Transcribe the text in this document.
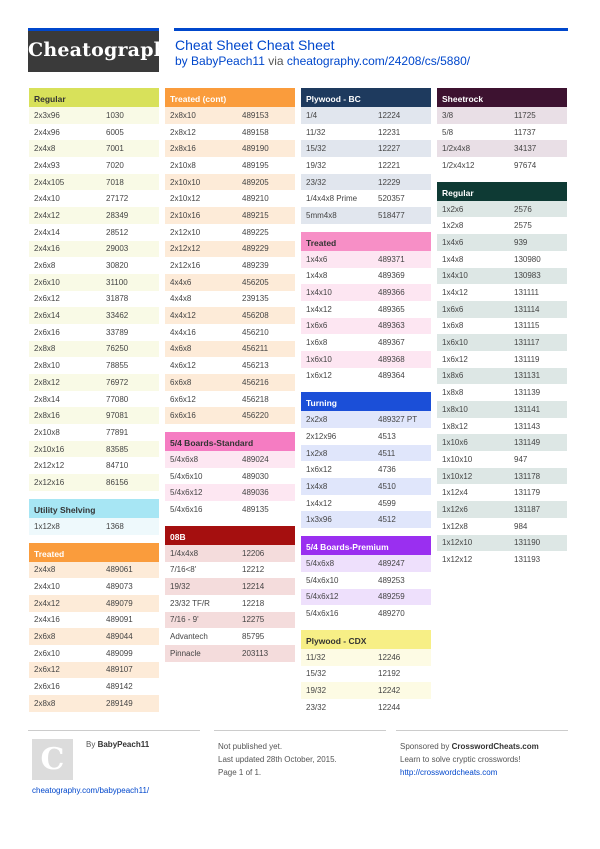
Cheatography
Cheat Sheet Cheat Sheet
by BabyPeach11 via cheatography.com/24208/cs/5880/
Regular
2x3x96	1030
2x4x96	6005
2x4x8	7001
2x4x93	7020
2x4x105	7018
2x4x10	27172
2x4x12	28349
2x4x14	28512
2x4x16	29003
2x6x8	30820
2x6x10	31100
2x6x12	31878
2x6x14	33462
2x6x16	33789
2x8x8	76250
2x8x10	78855
2x8x12	76972
2x8x14	77080
2x8x16	97081
2x10x8	77891
2x10x16	83585
2x12x12	84710
2x12x16	86156
Utility Shelving
1x12x8	1368
Treated
2x4x8	489061
2x4x10	489073
2x4x12	489079
2x4x16	489091
2x6x8	489044
2x6x10	489099
2x6x12	489107
2x6x16	489142
2x8x8	289149
Treated (cont)
2x8x10	489153
2x8x12	489158
2x8x16	489190
2x10x8	489195
2x10x10	489205
2x10x12	489210
2x10x16	489215
2x12x10	489225
2x12x12	489229
2x12x16	489239
4x4x6	456205
4x4x8	239135
4x4x12	456208
4x4x16	456210
4x6x8	456211
4x6x12	456213
6x6x8	456216
6x6x12	456218
6x6x16	456220
5/4 Boards-Standard
5/4x6x8	489024
5/4x6x10	489030
5/4x6x12	489036
5/4x6x16	489135
08B
1/4x4x8	12206
7/16<8'	12212
19/32	12214
23/32 TF/R	12218
7/16 - 9'	12275
Advantech	85795
Pinnacle	203113
Plywood - BC
1/4	12224
11/32	12231
15/32	12227
19/32	12221
23/32	12229
1/4x4x8 Prime	520357
5mm4x8	518477
Treated
1x4x6	489371
1x4x8	489369
1x4x10	489366
1x4x12	489365
1x6x6	489363
1x6x8	489367
1x6x10	489368
1x6x12	489364
Turning
2x2x8	489327 PT
2x12x96	4513
1x2x8	4511
1x6x12	4736
1x4x8	4510
1x4x12	4599
1x3x96	4512
5/4 Boards-Premium
5/4x6x8	489247
5/4x6x10	489253
5/4x6x12	489259
5/4x6x16	489270
Plywood - CDX
11/32	12246
15/32	12192
19/32	12242
23/32	12244
Sheetrock
3/8	11725
5/8	11737
1/2x4x8	34137
1/2x4x12	97674
Regular
1x2x6	2576
1x2x8	2575
1x4x6	939
1x4x8	130980
1x4x10	130983
1x4x12	131111
1x6x6	131114
1x6x8	131115
1x6x10	131117
1x6x12	131119
1x8x6	131131
1x8x8	131139
1x8x10	131141
1x8x12	131143
1x10x6	131149
1x10x10	947
1x10x12	131178
1x12x4	131179
1x12x6	131187
1x12x8	984
1x12x10	131190
1x12x12	131193
C	By BabyPeach11
cheatography.com/babypeach11/
Not published yet.
Last updated 28th October, 2015.
Page 1 of 1.
Sponsored by CrosswordCheats.com
Learn to solve cryptic crosswords!
http://crosswordcheats.com
